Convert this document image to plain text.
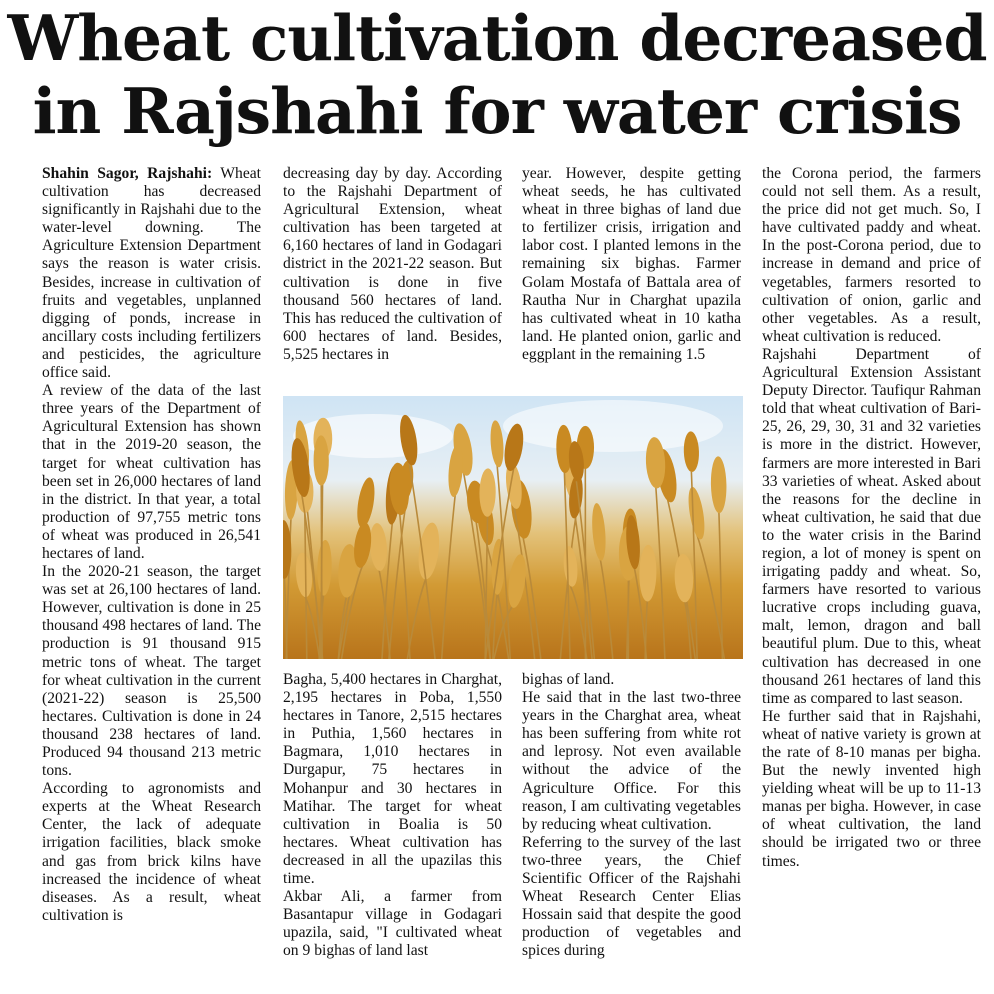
Wheat cultivation decreased in Rajshahi for water crisis

Shahin Sagor, Rajshahi: Wheat cultivation has decreased significantly in Rajshahi due to the water-level downing. The Agriculture Extension Department says the reason is water crisis. Besides, increase in cultivation of fruits and vegetables, unplanned digging of ponds, increase in ancillary costs including fertilizers and pesticides, the agriculture office said.

A review of the data of the last three years of the Department of Agricultural Extension has shown that in the 2019-20 season, the target for wheat cultivation has been set in 26,000 hectares of land in the district. In that year, a total production of 97,755 metric tons of wheat was produced in 26,541 hectares of land.

In the 2020-21 season, the target was set at 26,100 hectares of land. However, cultivation is done in 25 thousand 498 hectares of land. The production is 91 thousand 915 metric tons of wheat. The target for wheat cultivation in the current (2021-22) season is 25,500 hectares. Cultivation is done in 24 thousand 238 hectares of land. Produced 94 thousand 213 metric tons.

According to agronomists and experts at the Wheat Research Center, the lack of adequate irrigation facilities, black smoke and gas from brick kilns have increased the incidence of wheat diseases. As a result, wheat cultivation is

decreasing day by day. According to the Rajshahi Department of Agricultural Extension, wheat cultivation has been targeted at 6,160 hectares of land in Godagari district in the 2021-22 season. But cultivation is done in five thousand 560 hectares of land. This has reduced the cultivation of 600 hectares of land. Besides, 5,525 hectares in

year. However, despite getting wheat seeds, he has cultivated wheat in three bighas of land due to fertilizer crisis, irrigation and labor cost. I planted lemons in the remaining six bighas. Farmer Golam Mostafa of Battala area of Rautha Nur in Charghat upazila has cultivated wheat in 10 katha land. He planted onion, garlic and eggplant in the remaining 1.5

Bagha, 5,400 hectares in Charghat, 2,195 hectares in Poba, 1,550 hectares in Tanore, 2,515 hectares in Puthia, 1,560 hectares in Bagmara, 1,010 hectares in Durgapur, 75 hectares in Mohanpur and 30 hectares in Matihar. The target for wheat cultivation in Boalia is 50 hectares. Wheat cultivation has decreased in all the upazilas this time.

Akbar Ali, a farmer from Basantapur village in Godagari upazila, said, "I cultivated wheat on 9 bighas of land last

bighas of land.

He said that in the last two-three years in the Charghat area, wheat has been suffering from white rot and leprosy. Not even available without the advice of the Agriculture Office. For this reason, I am cultivating vegetables by reducing wheat cultivation.

Referring to the survey of the last two-three years, the Chief Scientific Officer of the Rajshahi Wheat Research Center Elias Hossain said that despite the good production of vegetables and spices during

the Corona period, the farmers could not sell them. As a result, the price did not get much. So, I have cultivated paddy and wheat. In the post-Corona period, due to increase in demand and price of vegetables, farmers resorted to cultivation of onion, garlic and other vegetables. As a result, wheat cultivation is reduced.

Rajshahi Department of Agricultural Extension Assistant Deputy Director. Taufiqur Rahman told that wheat cultivation of Bari-25, 26, 29, 30, 31 and 32 varieties is more in the district. However, farmers are more interested in Bari 33 varieties of wheat. Asked about the reasons for the decline in wheat cultivation, he said that due to the water crisis in the Barind region, a lot of money is spent on irrigating paddy and wheat. So, farmers have resorted to various lucrative crops including guava, malt, lemon, dragon and ball beautiful plum. Due to this, wheat cultivation has decreased in one thousand 261 hectares of land this time as compared to last season.

He further said that in Rajshahi, wheat of native variety is grown at the rate of 8-10 manas per bigha. But the newly invented high yielding wheat will be up to 11-13 manas per bigha. However, in case of wheat cultivation, the land should be irrigated two or three times.
